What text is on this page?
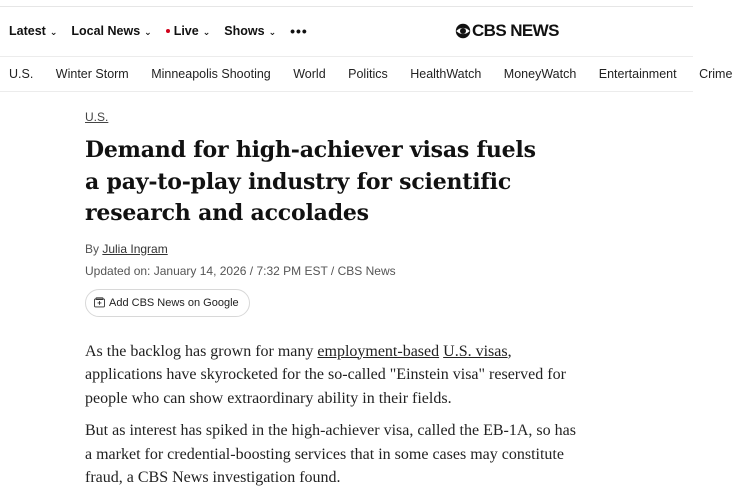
Latest ⌄ Local News ⌄ Live ⌄ Shows ⌄ •••	CBS NEWS
U.S. Winter Storm Minneapolis Shooting World Politics HealthWatch MoneyWatch Entertainment Crime
U.S.
Demand for high-achiever visas fuels a pay-to-play industry for scientific research and accolades
By Julia Ingram
Updated on: January 14, 2026 / 7:32 PM EST / CBS News
Add CBS News on Google

As the backlog has grown for many employment-based U.S. visas, applications have skyrocketed for the so-called "Einstein visa" reserved for people who can show extraordinary ability in their fields.

But as interest has spiked in the high-achiever visa, called the EB-1A, so has a market for credential-boosting services that in some cases may constitute fraud, a CBS News investigation found.
